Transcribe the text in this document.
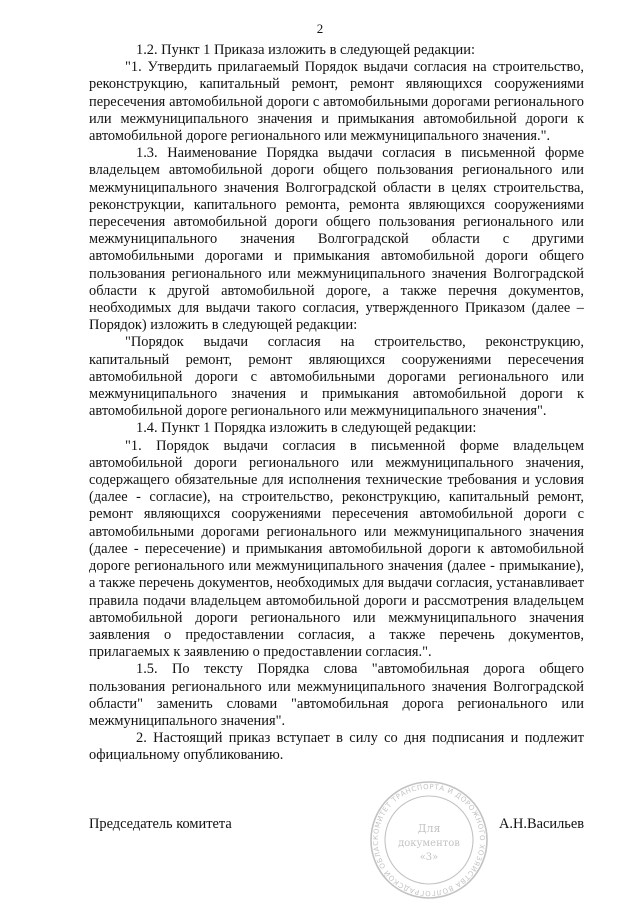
2

1.2. Пункт 1 Приказа изложить в следующей редакции:

"1. Утвердить прилагаемый Порядок выдачи согласия на строительство, реконструкцию, капитальный ремонт, ремонт являющихся сооружениями пересечения автомобильной дороги с автомобильными дорогами регионального или межмуниципального значения и примыкания автомобильной дороги к автомобильной дороге регионального или межмуниципального значения.".

1.3. Наименование Порядка выдачи согласия в письменной форме владельцем автомобильной дороги общего пользования регионального или межмуниципального значения Волгоградской области в целях строительства, реконструкции, капитального ремонта, ремонта являющихся сооружениями пересечения автомобильной дороги общего пользования регионального или межмуниципального значения Волгоградской области с другими автомобильными дорогами и примыкания автомобильной дороги общего пользования регионального или межмуниципального значения Волгоградской области к другой автомобильной дороге, а также перечня документов, необходимых для выдачи такого согласия, утвержденного Приказом (далее – Порядок) изложить в следующей редакции:

"Порядок выдачи согласия на строительство, реконструкцию, капитальный ремонт, ремонт являющихся сооружениями пересечения автомобильной дороги с автомобильными дорогами регионального или межмуниципального значения и примыкания автомобильной дороги к автомобильной дороге регионального или межмуниципального значения".

1.4. Пункт 1 Порядка изложить в следующей редакции:

"1. Порядок выдачи согласия в письменной форме владельцем автомобильной дороги регионального или межмуниципального значения, содержащего обязательные для исполнения технические требования и условия (далее - согласие), на строительство, реконструкцию, капитальный ремонт, ремонт являющихся сооружениями пересечения автомобильной дороги с автомобильными дорогами регионального или межмуниципального значения (далее - пересечение) и примыкания автомобильной дороги к автомобильной дороге регионального или межмуниципального значения (далее - примыкание), а также перечень документов, необходимых для выдачи согласия, устанавливает правила подачи владельцем автомобильной дороги и рассмотрения владельцем автомобильной дороги регионального или межмуниципального значения заявления о предоставлении согласия, а также перечень документов, прилагаемых к заявлению о предоставлении согласия.".

1.5. По тексту Порядка слова "автомобильная дорога общего пользования регионального или межмуниципального значения Волгоградской области" заменить словами "автомобильная дорога регионального или межмуниципального значения".

2. Настоящий приказ вступает в силу со дня подписания и подлежит официальному опубликованию.

КОМИТЕТ ТРАНСПОРТА И ДОРОЖНОГО ХОЗЯЙСТВА ВОЛГОГРАДСКОЙ ОБЛАС
Для
документов
«3»
Председатель комитета	А.Н.Васильев
